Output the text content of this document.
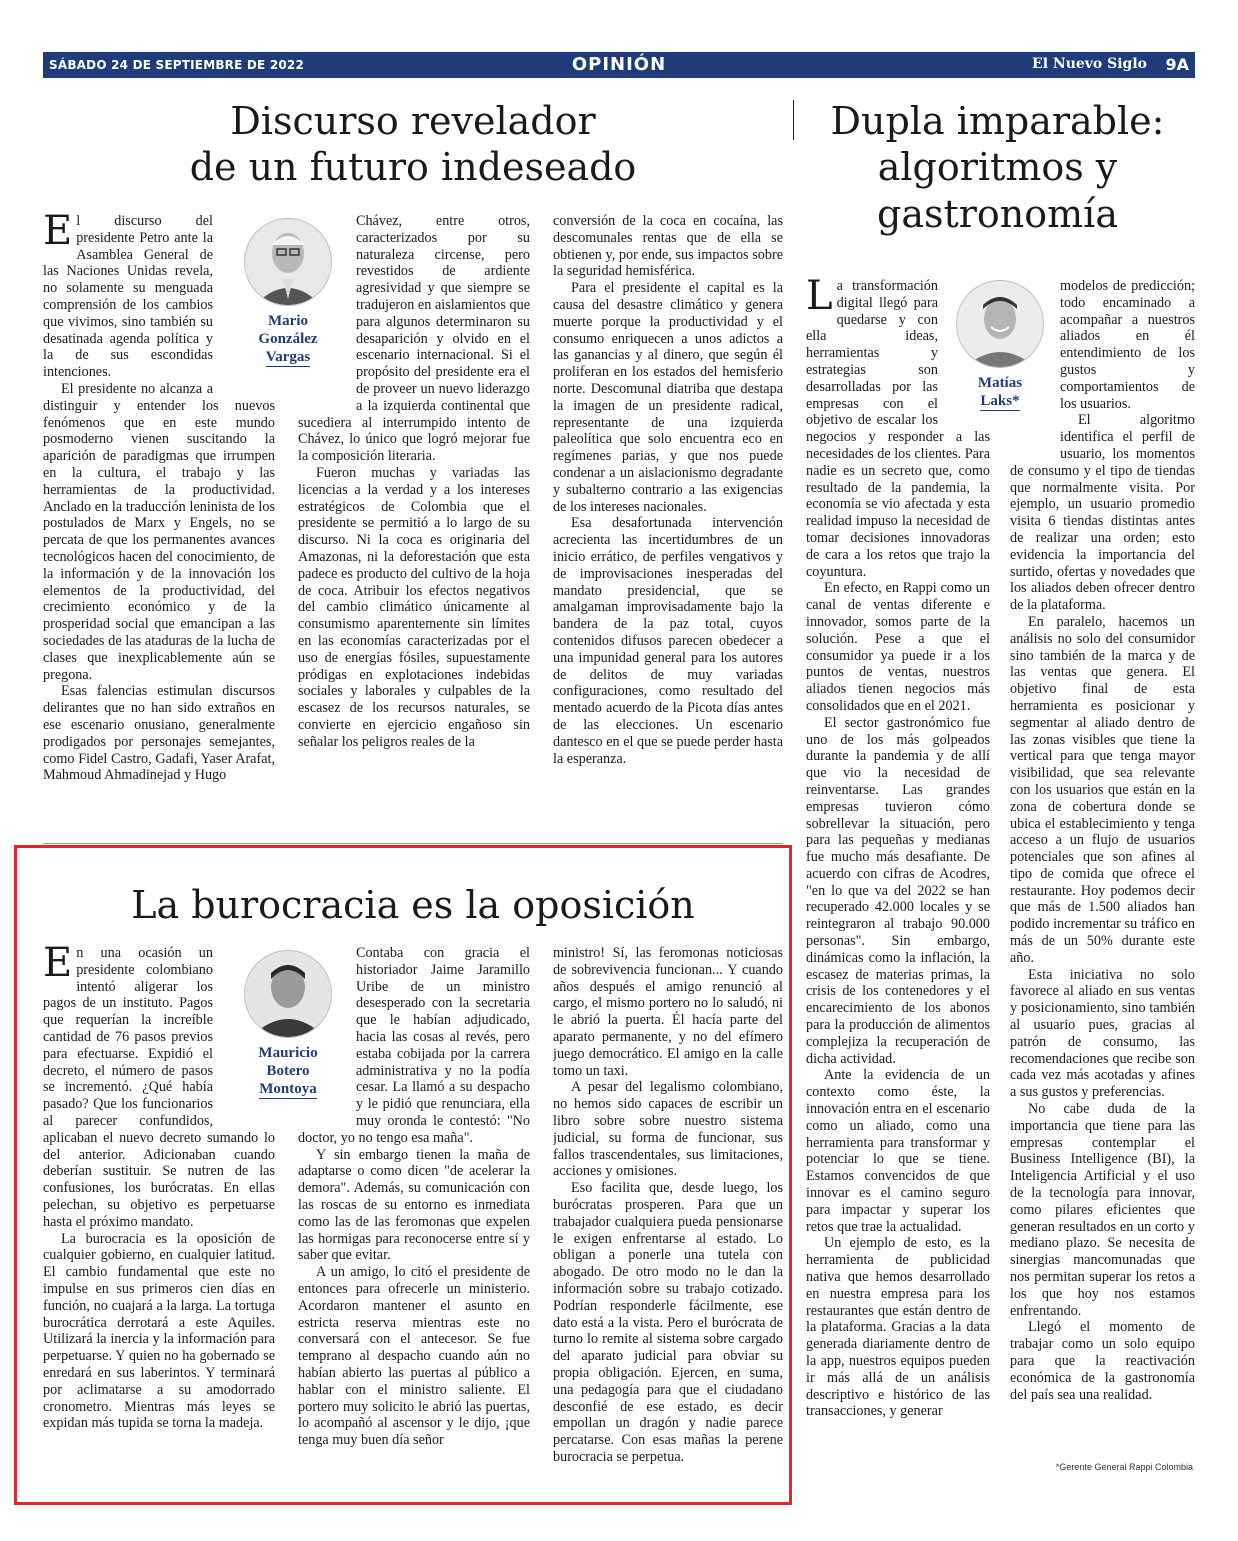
SÁBADO 24 DE SEPTIEMBRE DE 2022	OPINIÓN	El Nuevo Siglo 9A
Discurso revelador
de un futuro indeseado
Mario
González
Vargas

El discurso del presidente Petro ante la Asamblea General de las Naciones Unidas revela, no solamente su menguada comprensión de los cambios que vivimos, sino también su desatinada agenda política y la de sus escondidas intenciones.

El presidente no alcanza a distinguir y entender los nuevos fenómenos que en este mundo posmoderno vienen suscitando la aparición de paradigmas que irrumpen en la cultura, el trabajo y las herramientas de la productividad. Anclado en la traducción leninista de los postulados de Marx y Engels, no se percata de que los permanentes avances tecnológicos hacen del conocimiento, de la información y de la innovación los elementos de la productividad, del crecimiento económico y de la prosperidad social que emancipan a las sociedades de las ataduras de la lucha de clases que inexplicablemente aún se pregona.

Esas falencias estimulan discursos delirantes que no han sido extraños en ese escenario onusiano, generalmente prodigados por personajes semejantes, como Fidel Castro, Gadafi, Yaser Arafat, Mahmoud Ahmadinejad y Hugo

Chávez, entre otros, caracterizados por su naturaleza circense, pero revestidos de ardiente agresividad y que siempre se tradujeron en aislamientos que para algunos determinaron su desaparición y olvido en el escenario internacional. Si el propósito del presidente era el de proveer un nuevo liderazgo a la izquierda continental que sucediera al interrumpido intento de Chávez, lo único que logró mejorar fue la composición literaria.

Fueron muchas y variadas las licencias a la verdad y a los intereses estratégicos de Colombia que el presidente se permitió a lo largo de su discurso. Ni la coca es originaria del Amazonas, ni la deforestación que esta padece es producto del cultivo de la hoja de coca. Atribuir los efectos negativos del cambio climático únicamente al consumismo aparentemente sin límites en las economías caracterizadas por el uso de energías fósiles, supuestamente pródigas en explotaciones indebidas sociales y laborales y culpables de la escasez de los recursos naturales, se convierte en ejercicio engañoso sin señalar los peligros reales de la

conversión de la coca en cocaína, las descomunales rentas que de ella se obtienen y, por ende, sus impactos sobre la seguridad hemisférica.

Para el presidente el capital es la causa del desastre climático y genera muerte porque la productividad y el consumo enriquecen a unos adictos a las ganancias y al dinero, que según él proliferan en los estados del hemisferio norte. Descomunal diatriba que destapa la imagen de un presidente radical, representante de una izquierda paleolítica que solo encuentra eco en regímenes parias, y que nos puede condenar a un aislacionismo degradante y subalterno contrario a las exigencias de los intereses nacionales.

Esa desafortunada intervención acrecienta las incertidumbres de un inicio errático, de perfiles vengativos y de improvisaciones inesperadas del mandato presidencial, que se amalgaman improvisadamente bajo la bandera de la paz total, cuyos contenidos difusos parecen obedecer a una impunidad general para los autores de delitos de muy variadas configuraciones, como resultado del mentado acuerdo de la Picota días antes de las elecciones. Un escenario dantesco en el que se puede perder hasta la esperanza.

La burocracia es la oposición
Mauricio
Botero
Montoya

En una ocasión un presidente colombiano intentó aligerar los pagos de un instituto. Pagos que requerían la increíble cantidad de 76 pasos previos para efectuarse. Expidió el decreto, el número de pasos se incrementó. ¿Qué había pasado? Que los funcionarios al parecer confundidos, aplicaban el nuevo decreto sumando lo del anterior. Adicionaban cuando deberían sustituir. Se nutren de las confusiones, los burócratas. En ellas pelechan, su objetivo es perpetuarse hasta el próximo mandato.

La burocracia es la oposición de cualquier gobierno, en cualquier latitud. El cambio fundamental que este no impulse en sus primeros cien días en función, no cuajará a la larga. La tortuga burocrática derrotará a este Aquiles. Utilizará la inercia y la información para perpetuarse. Y quien no ha gobernado se enredará en sus laberintos. Y terminará por aclimatarse a su amodorrado cronometro. Mientras más leyes se expidan más tupida se torna la madeja.

Contaba con gracia el historiador Jaime Jaramillo Uribe de un ministro desesperado con la secretaria que le habían adjudicado, hacia las cosas al revés, pero estaba cobijada por la carrera administrativa y no la podía cesar. La llamó a su despacho y le pidió que renunciara, ella muy oronda le contestó: "No doctor, yo no tengo esa maña".

Y sin embargo tienen la maña de adaptarse o como dicen "de acelerar la demora". Además, su comunicación con las roscas de su entorno es inmediata como las de las feromonas que expelen las hormigas para reconocerse entre sí y saber que evitar.

A un amigo, lo citó el presidente de entonces para ofrecerle un ministerio. Acordaron mantener el asunto en estricta reserva mientras este no conversará con el antecesor. Se fue temprano al despacho cuando aún no habían abierto las puertas al público a hablar con el ministro saliente. El portero muy solicito le abrió las puertas, lo acompañó al ascensor y le dijo, ¡que tenga muy buen día señor

ministro! Sí, las feromonas noticiosas de sobrevivencia funcionan... Y cuando años después el amigo renunció al cargo, el mismo portero no lo saludó, ni le abrió la puerta. Él hacía parte del aparato permanente, y no del efímero juego democrático. El amigo en la calle tomo un taxi.

A pesar del legalismo colombiano, no hemos sido capaces de escribir un libro sobre sobre nuestro sistema judicial, su forma de funcionar, sus fallos trascendentales, sus limitaciones, acciones y omisiones.

Eso facilita que, desde luego, los burócratas prosperen. Para que un trabajador cualquiera pueda pensionarse le exigen enfrentarse al estado. Lo obligan a ponerle una tutela con abogado. De otro modo no le dan la información sobre su trabajo cotizado. Podrían responderle fácilmente, ese dato está a la vista. Pero el burócrata de turno lo remite al sistema sobre cargado del aparato judicial para obviar su propia obligación. Ejercen, en suma, una pedagogía para que el ciudadano desconfié de ese estado, es decir empollan un dragón y nadie parece percatarse. Con esas mañas la perene burocracia se perpetua.

Dupla imparable:
algoritmos y
gastronomía
Matías
Laks*

La transformación digital llegó para quedarse y con ella ideas, herramientas y estrategias son desarrolladas por las empresas con el objetivo de escalar los negocios y responder a las necesidades de los clientes. Para nadie es un secreto que, como resultado de la pandemia, la economía se vio afectada y esta realidad impuso la necesidad de tomar decisiones innovadoras de cara a los retos que trajo la coyuntura.

En efecto, en Rappi como un canal de ventas diferente e innovador, somos parte de la solución. Pese a que el consumidor ya puede ir a los puntos de ventas, nuestros aliados tienen negocios más consolidados que en el 2021.

El sector gastronómico fue uno de los más golpeados durante la pandemia y de allí que vio la necesidad de reinventarse. Las grandes empresas tuvieron cómo sobrellevar la situación, pero para las pequeñas y medianas fue mucho más desafiante. De acuerdo con cifras de Acodres, "en lo que va del 2022 se han recuperado 42.000 locales y se reintegraron al trabajo 90.000 personas". Sin embargo, dinámicas como la inflación, la escasez de materias primas, la crisis de los contenedores y el encarecimiento de los abonos para la producción de alimentos complejiza la recuperación de dicha actividad.

Ante la evidencia de un contexto como éste, la innovación entra en el escenario como un aliado, como una herramienta para transformar y potenciar lo que se tiene. Estamos convencidos de que innovar es el camino seguro para impactar y superar los retos que trae la actualidad.

Un ejemplo de esto, es la herramienta de publicidad nativa que hemos desarrollado en nuestra empresa para los restaurantes que están dentro de la plataforma. Gracias a la data generada diariamente dentro de la app, nuestros equipos pueden ir más allá de un análisis descriptivo e histórico de las transacciones, y generar

modelos de predicción; todo encaminado a acompañar a nuestros aliados en él entendimiento de los gustos y comportamientos de los usuarios.

El algoritmo identifica el perfil de usuario, los momentos de consumo y el tipo de tiendas que normalmente visita. Por ejemplo, un usuario promedio visita 6 tiendas distintas antes de realizar una orden; esto evidencia la importancia del surtido, ofertas y novedades que los aliados deben ofrecer dentro de la plataforma.

En paralelo, hacemos un análisis no solo del consumidor sino también de la marca y de las ventas que genera. El objetivo final de esta herramienta es posicionar y segmentar al aliado dentro de las zonas visibles que tiene la vertical para que tenga mayor visibilidad, que sea relevante con los usuarios que están en la zona de cobertura donde se ubica el establecimiento y tenga acceso a un flujo de usuarios potenciales que son afines al tipo de comida que ofrece el restaurante. Hoy podemos decir que más de 1.500 aliados han podido incrementar su tráfico en más de un 50% durante este año.

Esta iniciativa no solo favorece al aliado en sus ventas y posicionamiento, sino también al usuario pues, gracias al patrón de consumo, las recomendaciones que recibe son cada vez más acotadas y afines a sus gustos y preferencias.

No cabe duda de la importancia que tiene para las empresas contemplar el Business Intelligence (BI), la Inteligencia Artificial y el uso de la tecnología para innovar, como pilares eficientes que generan resultados en un corto y mediano plazo. Se necesita de sinergias mancomunadas que nos permitan superar los retos a los que hoy nos estamos enfrentando.

Llegó el momento de trabajar como un solo equipo para que la reactivación económica de la gastronomía del país sea una realidad.

*Gerente General Rappi Colombia
